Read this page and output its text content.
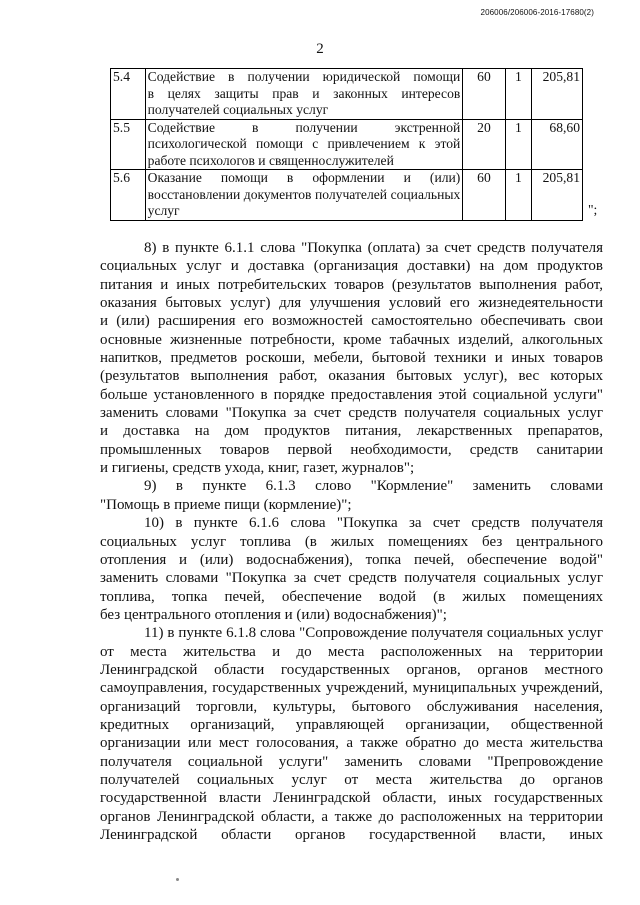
206006/206006-2016-17680(2)
2
5.4	Содействие в получении юридической помощи
в целях защиты прав и законных интересов
получателей социальных услуг	60	1	205,81
5.5	Содействие в получении экстренной
психологической помощи с привлечением к этой
работе психологов и священнослужителей	20	1	68,60
5.6	Оказание помощи в оформлении и (или)
восстановлении документов получателей социальных
услуг	60	1	205,81
";
8) в пункте 6.1.1 слова "Покупка (оплата) за счет средств получателя
социальных услуг и доставка (организация доставки) на дом продуктов
питания и иных потребительских товаров (результатов выполнения работ,
оказания бытовых услуг) для улучшения условий его жизнедеятельности
и (или) расширения его возможностей самостоятельно обеспечивать свои
основные жизненные потребности, кроме табачных изделий, алкогольных
напитков, предметов роскоши, мебели, бытовой техники и иных товаров
(результатов выполнения работ, оказания бытовых услуг), вес которых
больше установленного в порядке предоставления этой социальной услуги"
заменить словами "Покупка за счет средств получателя социальных услуг
и доставка на дом продуктов питания, лекарственных препаратов,
промышленных товаров первой необходимости, средств санитарии
и гигиены, средств ухода, книг, газет, журналов";
9) в пункте 6.1.3 слово "Кормление" заменить словами
"Помощь в приеме пищи (кормление)";
10) в пункте 6.1.6 слова "Покупка за счет средств получателя
социальных услуг топлива (в жилых помещениях без центрального
отопления и (или) водоснабжения), топка печей, обеспечение водой"
заменить словами "Покупка за счет средств получателя социальных услуг
топлива, топка печей, обеспечение водой (в жилых помещениях
без центрального отопления и (или) водоснабжения)";
11) в пункте 6.1.8 слова "Сопровождение получателя социальных услуг
от места жительства и до места расположенных на территории
Ленинградской области государственных органов, органов местного
самоуправления, государственных учреждений, муниципальных учреждений,
организаций торговли, культуры, бытового обслуживания населения,
кредитных организаций, управляющей организации, общественной
организации или мест голосования, а также обратно до места жительства
получателя социальной услуги" заменить словами "Препровождение
получателей социальных услуг от места жительства до органов
государственной власти Ленинградской области, иных государственных
органов Ленинградской области, а также до расположенных на территории
Ленинградской области органов государственной власти, иных
